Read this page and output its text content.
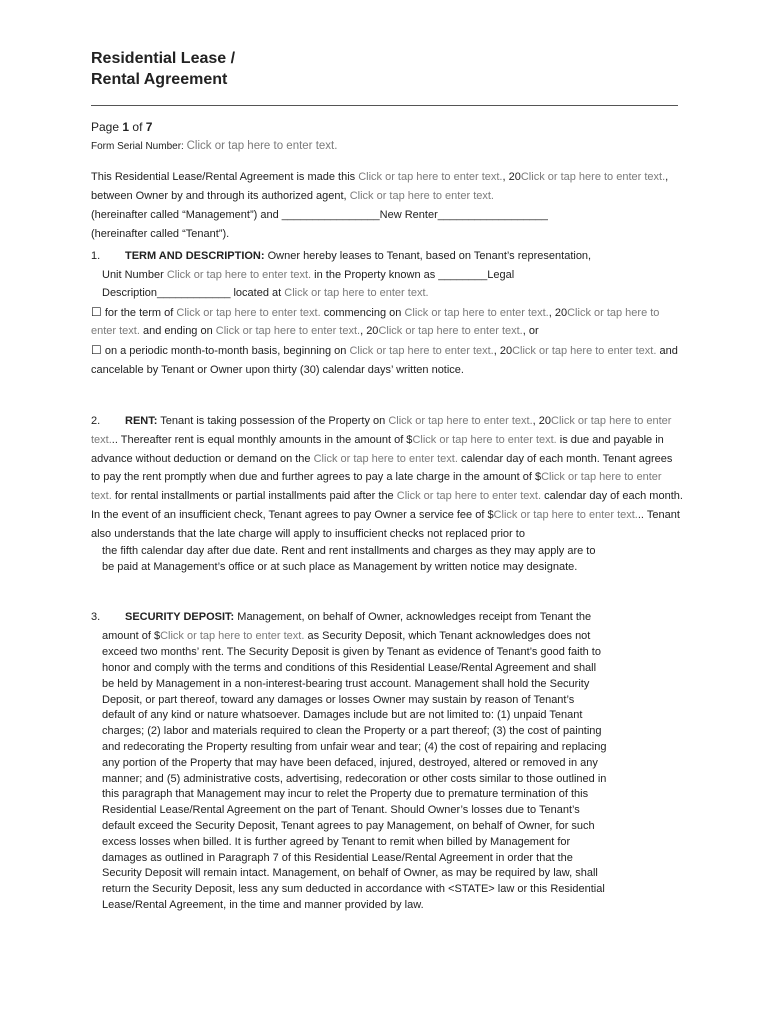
Residential Lease /
Rental Agreement
Page 1 of 7
Form Serial Number: Click or tap here to enter text.
This Residential Lease/Rental Agreement is made this Click or tap here to enter text., 20Click or tap here to enter text., between Owner by and through its authorized agent, Click or tap here to enter text.
(hereinafter called “Management”) and ________________New Renter__________________
(hereinafter called “Tenant”).
1. TERM AND DESCRIPTION: Owner hereby leases to Tenant, based on Tenant’s representation,
Unit Number Click or tap here to enter text. in the Property known as ________Legal
Description____________ located at Click or tap here to enter text.
☐ for the term of Click or tap here to enter text. commencing on Click or tap here to enter text., 20Click or tap here to enter text. and ending on Click or tap here to enter text., 20Click or tap here to enter text., or
☐ on a periodic month-to-month basis, beginning on Click or tap here to enter text., 20Click or tap here to enter text. and cancelable by Tenant or Owner upon thirty (30) calendar days’ written notice.
2. RENT: Tenant is taking possession of the Property on Click or tap here to enter text., 20Click or tap here to enter text... Thereafter rent is equal monthly amounts in the amount of $Click or tap here to enter text. is due and payable in advance without deduction or demand on the Click or tap here to enter text. calendar day of each month. Tenant agrees to pay the rent promptly when due and further agrees to pay a late charge in the amount of $Click or tap here to enter text. for rental installments or partial installments paid after the Click or tap here to enter text. calendar day of each month. In the event of an insufficient check, Tenant agrees to pay Owner a service fee of $Click or tap here to enter text... Tenant also understands that the late charge will apply to insufficient checks not replaced prior to
the fifth calendar day after due date. Rent and rent installments and charges as they may apply are to
be paid at Management’s office or at such place as Management by written notice may designate.
3. SECURITY DEPOSIT: Management, on behalf of Owner, acknowledges receipt from Tenant the
amount of $Click or tap here to enter text. as Security Deposit, which Tenant acknowledges does not
exceed two months’ rent. The Security Deposit is given by Tenant as evidence of Tenant’s good faith to
honor and comply with the terms and conditions of this Residential Lease/Rental Agreement and shall
be held by Management in a non-interest-bearing trust account. Management shall hold the Security
Deposit, or part thereof, toward any damages or losses Owner may sustain by reason of Tenant’s
default of any kind or nature whatsoever. Damages include but are not limited to: (1) unpaid Tenant
charges; (2) labor and materials required to clean the Property or a part thereof; (3) the cost of painting
and redecorating the Property resulting from unfair wear and tear; (4) the cost of repairing and replacing
any portion of the Property that may have been defaced, injured, destroyed, altered or removed in any
manner; and (5) administrative costs, advertising, redecoration or other costs similar to those outlined in
this paragraph that Management may incur to relet the Property due to premature termination of this
Residential Lease/Rental Agreement on the part of Tenant. Should Owner’s losses due to Tenant’s
default exceed the Security Deposit, Tenant agrees to pay Management, on behalf of Owner, for such
excess losses when billed. It is further agreed by Tenant to remit when billed by Management for
damages as outlined in Paragraph 7 of this Residential Lease/Rental Agreement in order that the
Security Deposit will remain intact. Management, on behalf of Owner, as may be required by law, shall
return the Security Deposit, less any sum deducted in accordance with <STATE> law or this Residential
Lease/Rental Agreement, in the time and manner provided by law.
